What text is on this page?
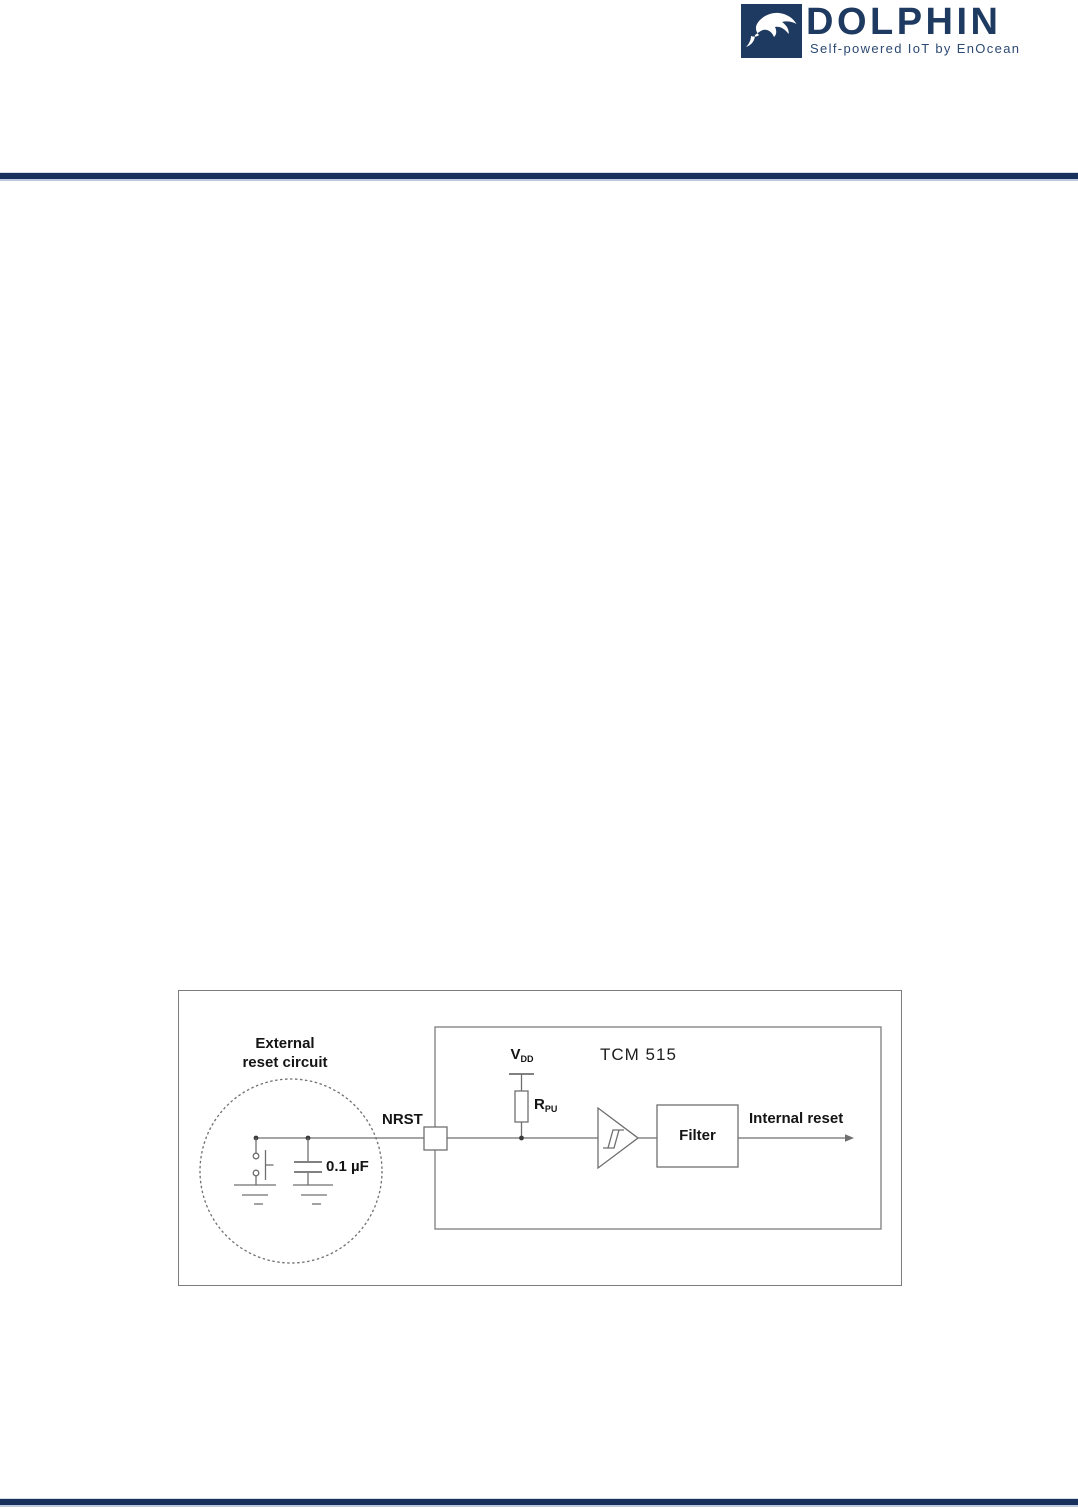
DOLPHIN
Self-powered IoT by EnOcean
External
reset circuit
NRST
$V_{DD}$
$R_{PU}$
TCM 515
0.1 µF
Filter
Internal reset
